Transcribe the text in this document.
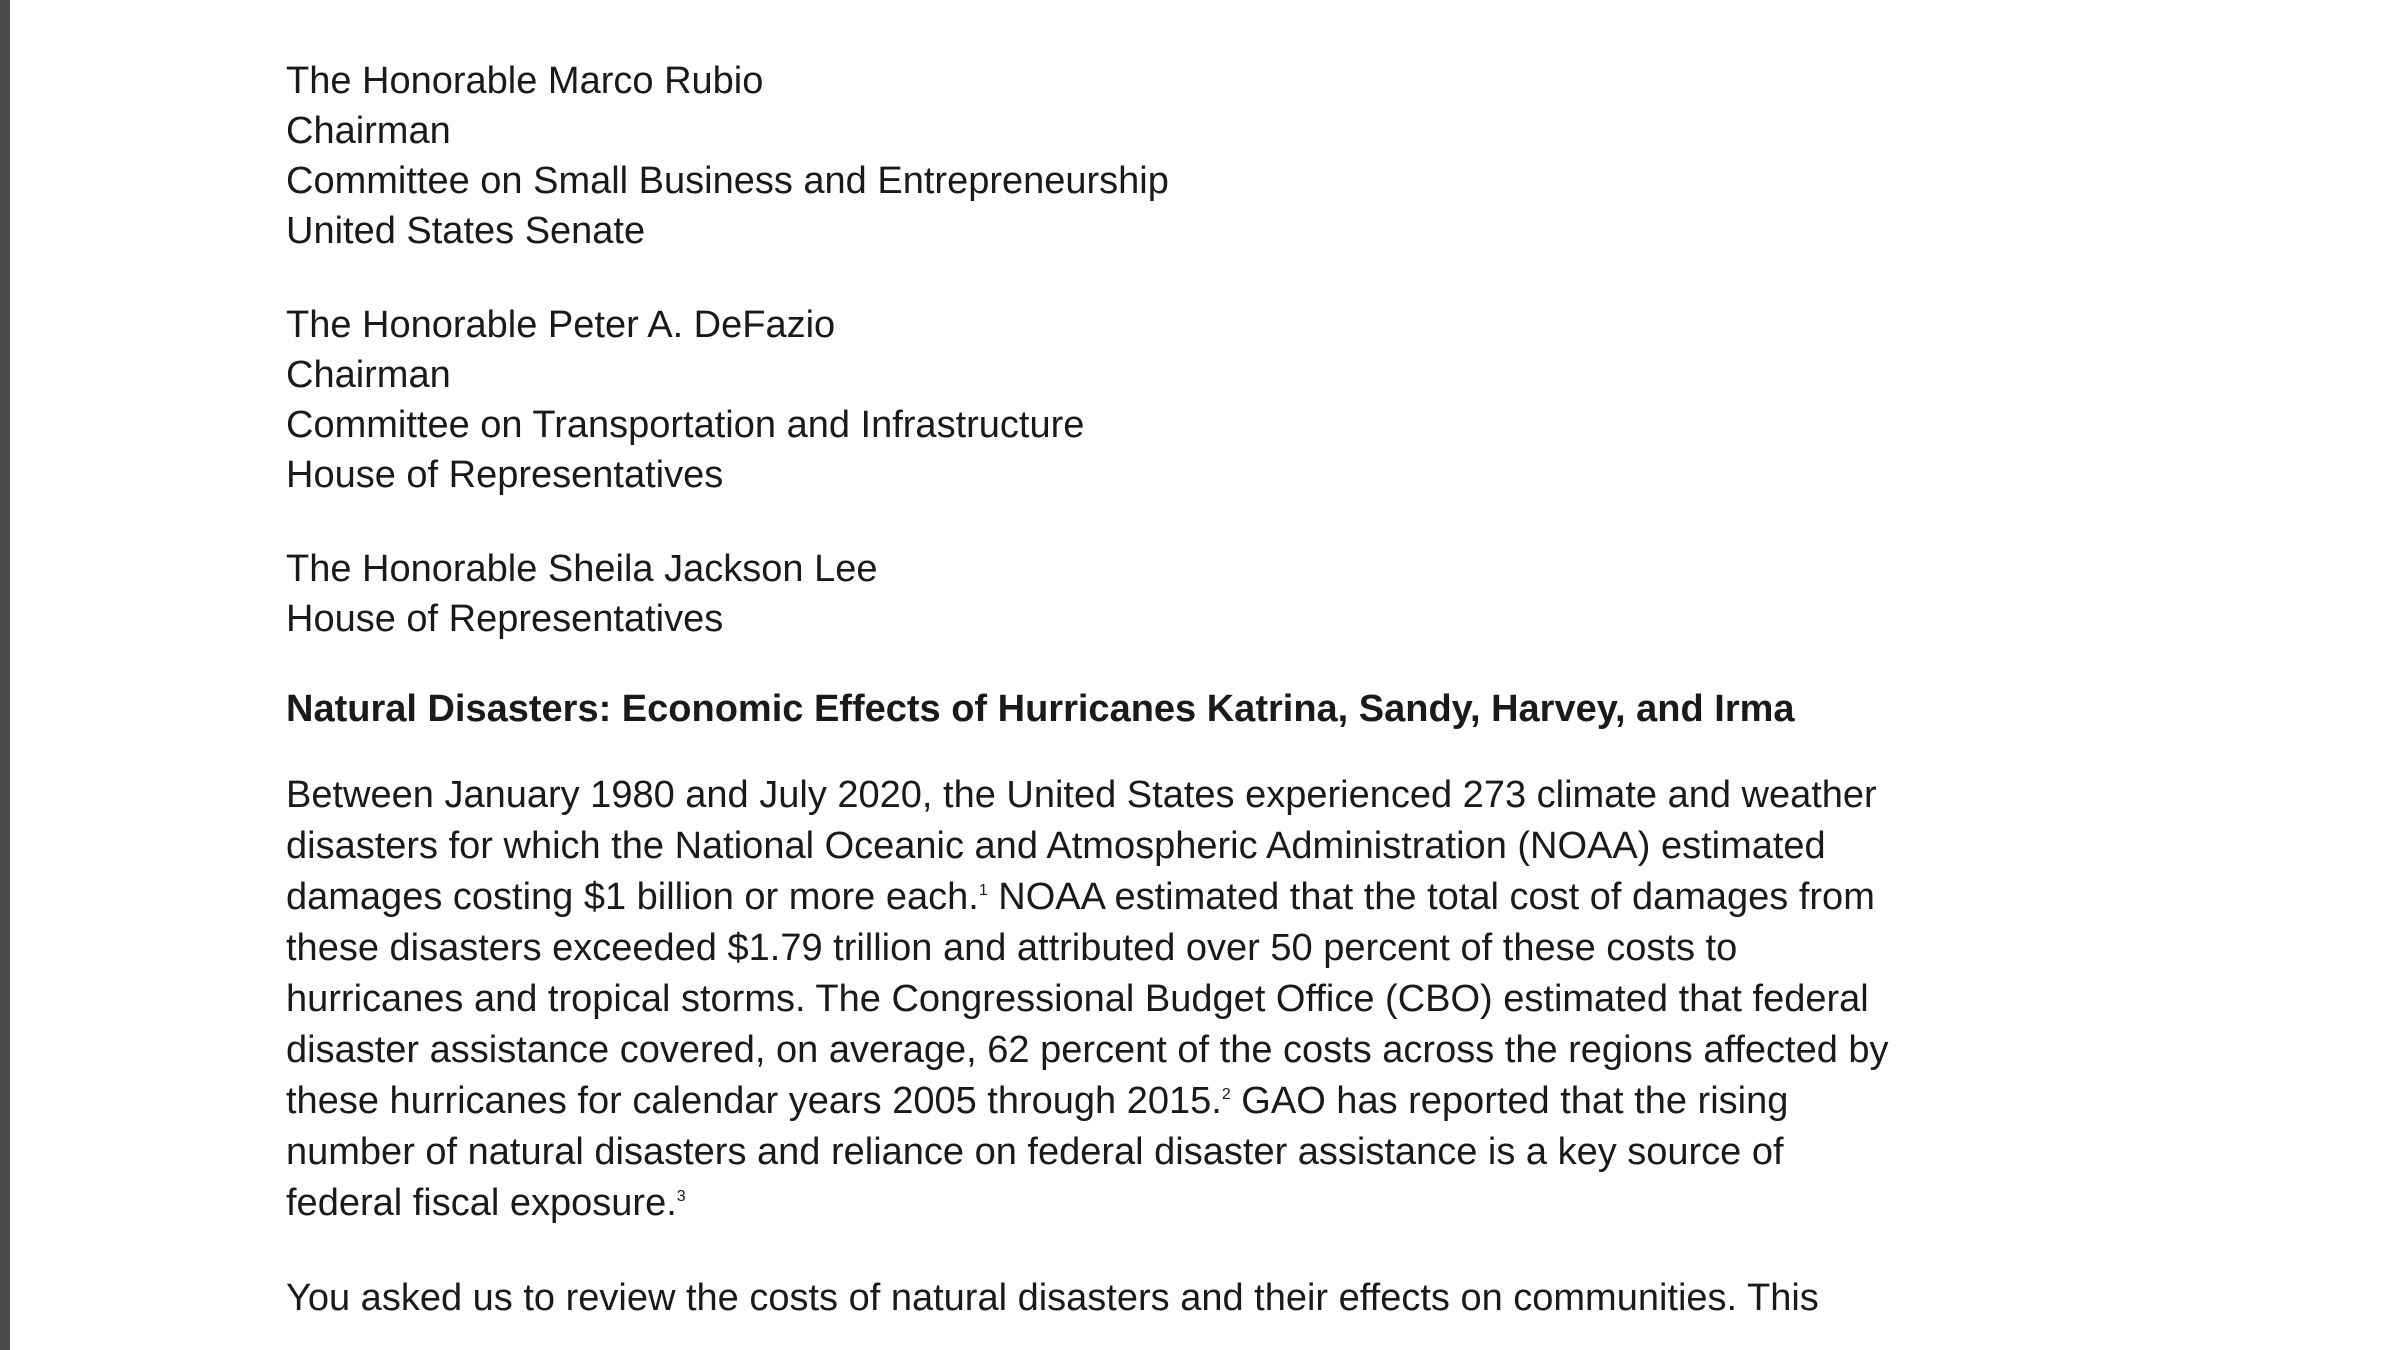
The Honorable Marco Rubio
Chairman
Committee on Small Business and Entrepreneurship
United States Senate
The Honorable Peter A. DeFazio
Chairman
Committee on Transportation and Infrastructure
House of Representatives
The Honorable Sheila Jackson Lee
House of Representatives
Natural Disasters: Economic Effects of Hurricanes Katrina, Sandy, Harvey, and Irma
Between January 1980 and July 2020, the United States experienced 273 climate and weather
disasters for which the National Oceanic and Atmospheric Administration (NOAA) estimated
damages costing $1 billion or more each.$^1$ NOAA estimated that the total cost of damages from
these disasters exceeded $1.79 trillion and attributed over 50 percent of these costs to
hurricanes and tropical storms. The Congressional Budget Office (CBO) estimated that federal
disaster assistance covered, on average, 62 percent of the costs across the regions affected by
these hurricanes for calendar years 2005 through 2015.$^2$ GAO has reported that the rising
number of natural disasters and reliance on federal disaster assistance is a key source of
federal fiscal exposure.$^3$
You asked us to review the costs of natural disasters and their effects on communities. This
